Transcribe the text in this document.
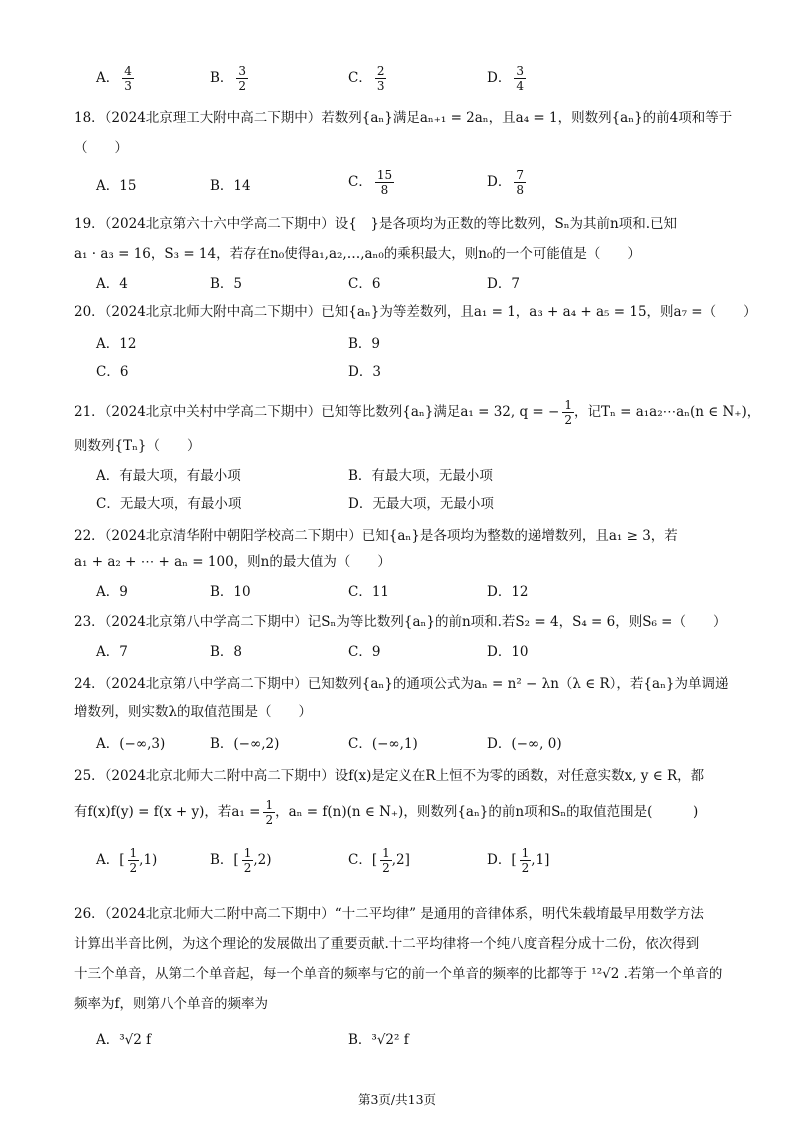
A． $\frac{4}{3}$	B． $\frac{3}{2}$	C． $\frac{2}{3}$	D． $\frac{3}{4}$
18．（2024北京理工大附中高二下期中）若数列{aₙ}满足aₙ₊₁ = 2aₙ，且a₄ = 1，则数列{aₙ}的前4项和等于
（　　）
A．15	B．14	C． $\frac{15}{8}$	D． $\frac{7}{8}$
19．（2024北京第六十六中学高二下期中）设{　}是各项均为正数的等比数列，Sₙ为其前n项和.已知
a₁ · a₃ = 16，S₃ = 14，若存在n₀使得a₁,a₂,…,aₙ₀的乘积最大，则n₀的一个可能值是（　　）
A．4	B．5	C．6	D．7
20．（2024北京北师大附中高二下期中）已知{aₙ}为等差数列，且a₁ = 1，a₃ + a₄ + a₅ = 15，则a₇ =（　　）
A．12	B．9
C．6	D．3
21．（2024北京中关村中学高二下期中）已知等比数列{aₙ}满足a₁ = 32, q = − $\frac{1}{2}$ ，记Tₙ = a₁a₂⋯aₙ(n ∈ N₊)，
则数列{Tₙ}（　　）
A．有最大项，有最小项	B．有最大项，无最小项
C．无最大项，有最小项	D．无最大项，无最小项
22．（2024北京清华附中朝阳学校高二下期中）已知{aₙ}是各项均为整数的递增数列，且a₁ ≥ 3，若
a₁ + a₂ + ⋯ + aₙ = 100，则n的最大值为（　　）
A．9	B．10	C．11	D．12
23．（2024北京第八中学高二下期中）记Sₙ为等比数列{aₙ}的前n项和.若S₂ = 4，S₄ = 6，则S₆ =（　　）
A．7	B．8	C．9	D．10
24．（2024北京第八中学高二下期中）已知数列{aₙ}的通项公式为aₙ = n² − λn（λ ∈ R），若{aₙ}为单调递
增数列，则实数λ的取值范围是（　　）
A．(−∞,3)	B．(−∞,2)	C．(−∞,1)	D．(−∞, 0)
25．（2024北京北师大二附中高二下期中）设f(x)是定义在R上恒不为零的函数，对任意实数x, y ∈ R，都
有f(x)f(y) = f(x + y)，若$a_1 = \frac{1}{2}$ ，aₙ = f(n)(n ∈ N₊)，则数列{aₙ}的前n项和Sₙ的取值范围是(　　　)
A．[ $\frac{1}{2} ,1$)	B．[ $\frac{1}{2} ,2$)	C．[ $\frac{1}{2} ,2$]	D．[ $\frac{1}{2} ,1$]
26．（2024北京北师大二附中高二下期中）“十二平均律” 是通用的音律体系，明代朱载堉最早用数学方法
计算出半音比例，为这个理论的发展做出了重要贡献.十二平均律将一个纯八度音程分成十二份，依次得到
十三个单音，从第二个单音起，每一个单音的频率与它的前一个单音的频率的比都等于 ¹²√2 .若第一个单音的
频率为f，则第八个单音的频率为
A．³√2 f	B．³√2² f
第3页/共13页
